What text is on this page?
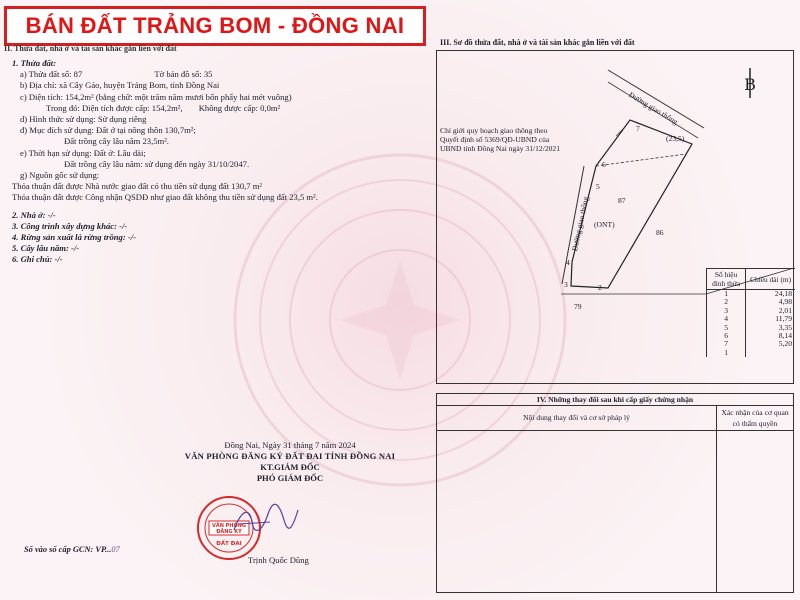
BÁN ĐẤT TRẢNG BOM - ĐỒNG NAI
II. Thửa đất, nhà ở và tài sản khác gắn liền với đất
1. Thửa đất:
a) Thửa đất số: 87	Tờ bản đồ số: 35
b) Địa chỉ: xã Cây Gáo, huyện Trảng Bom, tỉnh Đồng Nai
c) Diện tích: 154,2m² (bằng chữ: một trăm năm mươi bốn phẩy hai mét vuông)
Trong đó: Diện tích được cấp: 154,2m², Không được cấp: 0,0m²
d) Hình thức sử dụng: Sử dụng riêng
đ) Mục đích sử dụng: Đất ở tại nông thôn 130,7m²;
Đất trồng cây lâu năm 23,5m².
e) Thời hạn sử dụng: Đất ở: Lâu dài;
Đất trồng cây lâu năm: sử dụng đến ngày 31/10/2047.
g) Nguồn gốc sử dụng:
Thỏa thuận đất được Nhà nước giao đất có thu tiền sử dụng đất 130,7 m²
Thỏa thuận đất được Công nhận QSDĐ như giao đất không thu tiền sử dụng đất 23,5 m².
2. Nhà ở: -/-
3. Công trình xây dựng khác: -/-
4. Rừng sản xuất là rừng trồng: -/-
5. Cây lâu năm: -/-
6. Ghi chú: -/-
Đồng Nai, Ngày 31 tháng 7 năm 2024
VĂN PHÒNG ĐĂNG KÝ ĐẤT ĐAI TỈNH ĐỒNG NAI
KT.GIÁM ĐỐC
PHÓ GIÁM ĐỐC
VĂN PHÒNG
ĐĂNG KÝ
ĐẤT ĐAI
Trịnh Quốc Dũng
Số vào sổ cấp GCN: VP...07
III. Sơ đồ thửa đất, nhà ở và tài sản khác gắn liền với đất
B
Đường giao thông
Đường giao thông
Chỉ giới quy hoạch giao thông theo
Quyết định số 5369/QĐ-UBND của
UBND tỉnh Đồng Nai ngày 31/12/2021
(23,5)
87
(ONT)
86
79
7
6
5
4
3	2
Số hiệu đỉnh thửa	Chiều dài (m)
1	24,18
2	4,98
3	2,01
4	11,79
5	3,35
6	8,14
7	5,20
1	
IV. Những thay đổi sau khi cấp giấy chứng nhận
Nội dung thay đổi và cơ sở pháp lý
Xác nhận của cơ quan có thẩm quyền
